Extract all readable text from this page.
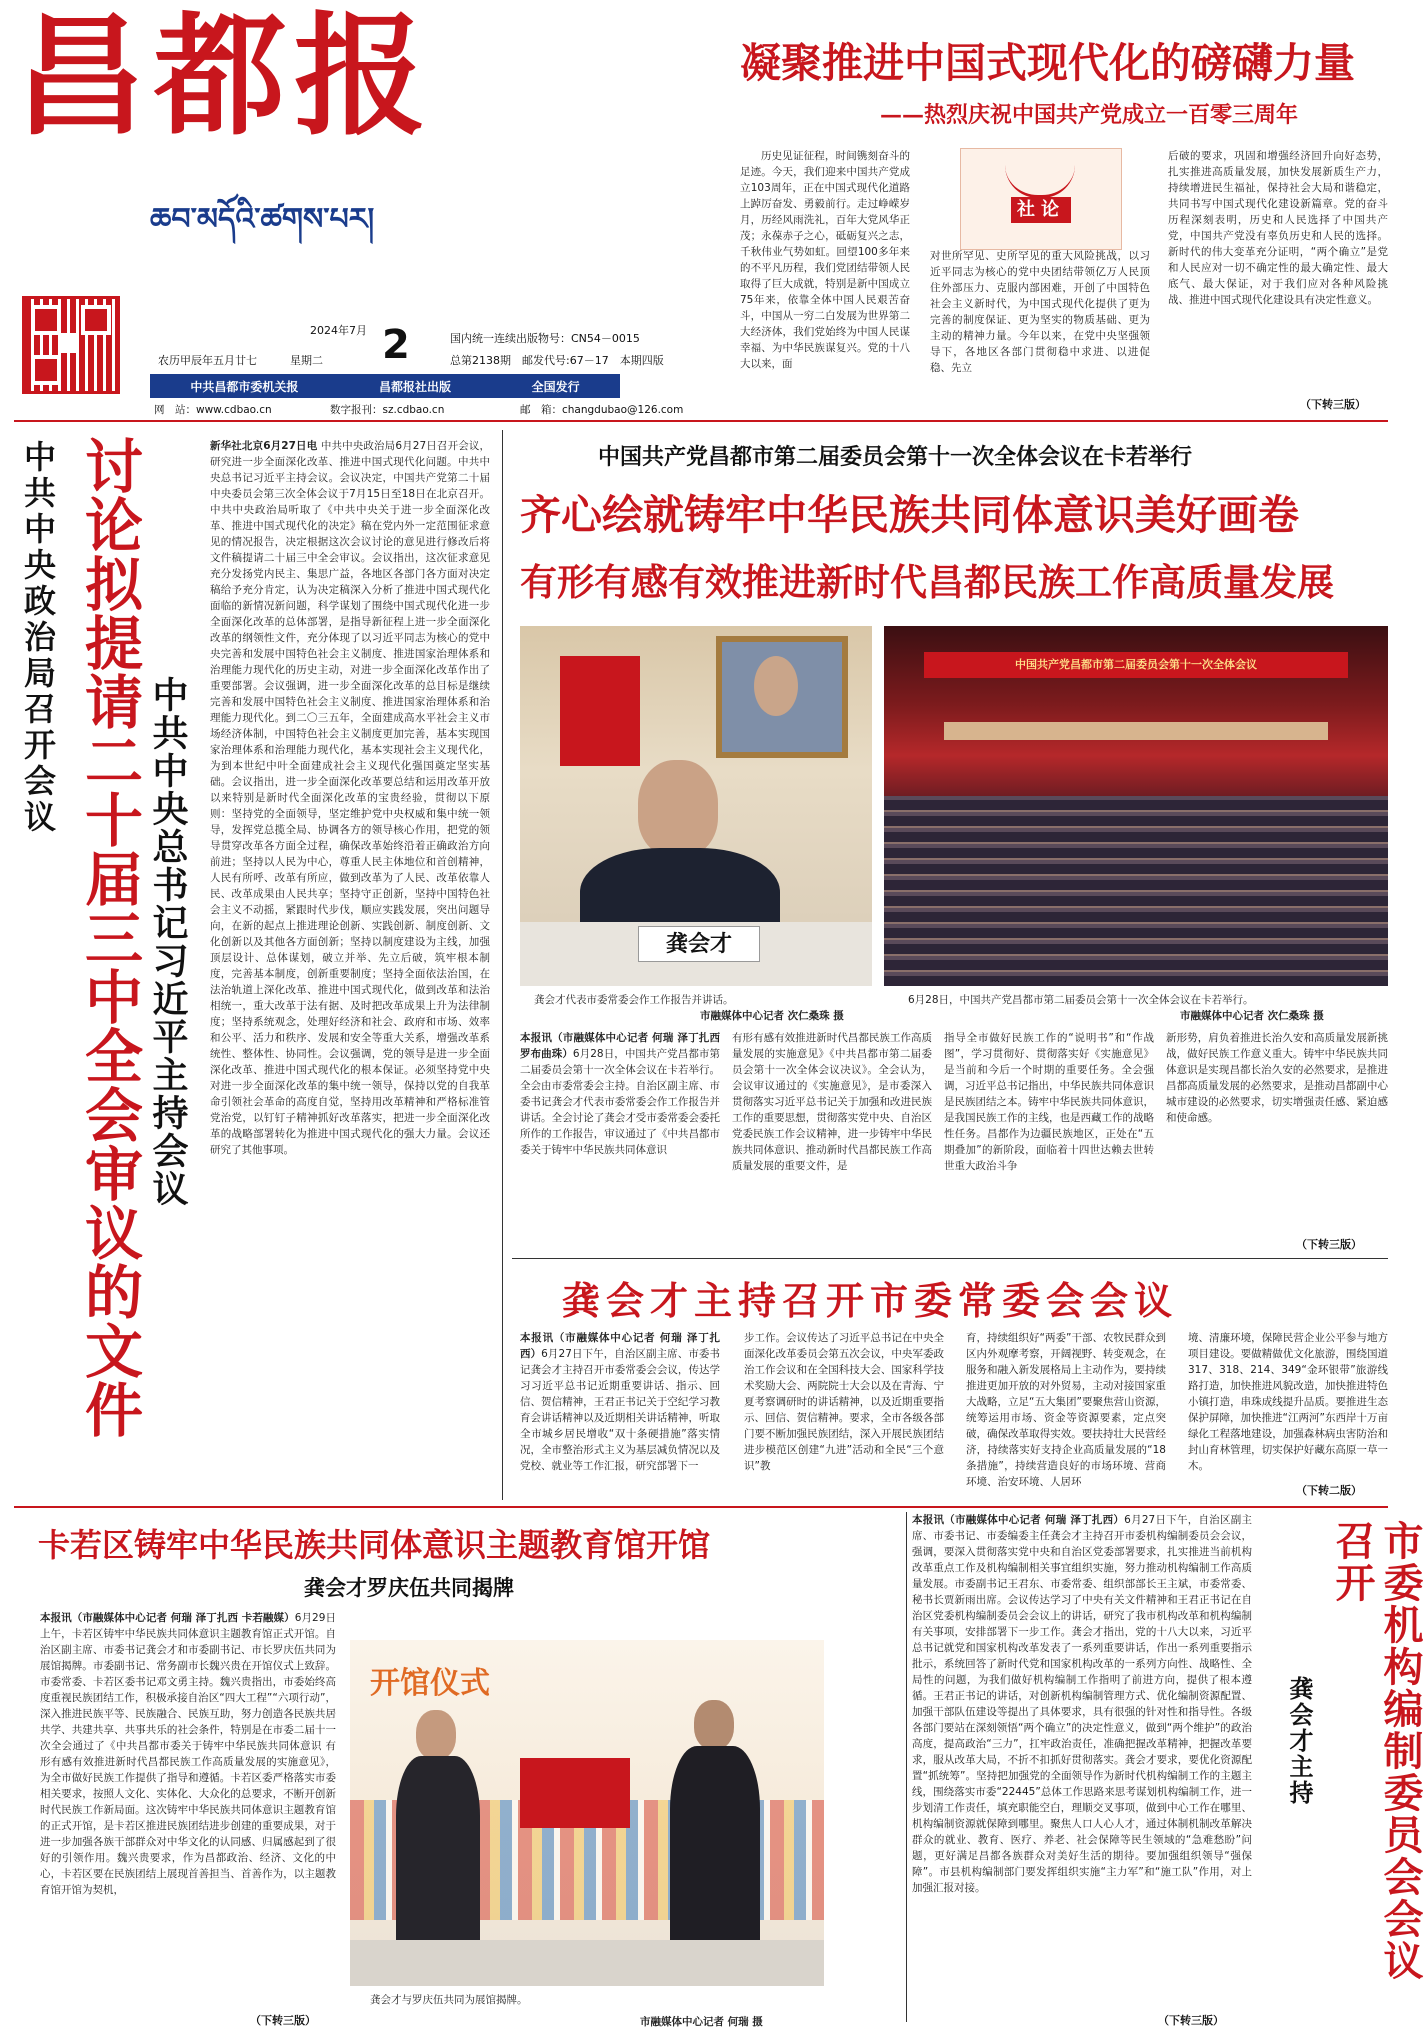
昌都报
ཆབ་མདོའི་ཚགས་པར།
2024年7月
农历甲辰年五月廿七	星期二 2	国内统一连续出版物号：CN54－0015
总第2138期　邮发代号:67－17　本期四版
中共昌都市委机关报	昌都报社出版	全国发行
网　站：www.cdbao.cn	数字报刊：sz.cdbao.cn	邮　箱：changdubao@126.com
凝聚推进中国式现代化的磅礴力量
——热烈庆祝中国共产党成立一百零三周年
历史见证征程，时间镌刻奋斗的足迹。今天，我们迎来中国共产党成立103周年，正在中国式现代化道路上踔厉奋发、勇毅前行。走过峥嵘岁月，历经风雨洗礼，百年大党风华正茂；永葆赤子之心，砥砺复兴之志，千秋伟业气势如虹。回望100多年来的不平凡历程，我们党团结带领人民取得了巨大成就，特别是新中国成立75年来，依靠全体中国人民艰苦奋斗，中国从一穷二白发展为世界第二大经济体，我们党始终为中国人民谋幸福、为中华民族谋复兴。党的十八大以来，面
社论
对世所罕见、史所罕见的重大风险挑战，以习近平同志为核心的党中央团结带领亿万人民顶住外部压力、克服内部困难，开创了中国特色社会主义新时代，为中国式现代化提供了更为完善的制度保证、更为坚实的物质基础、更为主动的精神力量。今年以来，在党中央坚强领导下，各地区各部门贯彻稳中求进、以进促稳、先立
后破的要求，巩固和增强经济回升向好态势，扎实推进高质量发展，加快发展新质生产力，持续增进民生福祉，保持社会大局和谐稳定，共同书写中国式现代化建设新篇章。党的奋斗历程深刻表明，历史和人民选择了中国共产党，中国共产党没有辜负历史和人民的选择。新时代的伟大变革充分证明，“两个确立”是党和人民应对一切不确定性的最大确定性、最大底气、最大保证，对于我们应对各种风险挑战、推进中国式现代化建设具有决定性意义。
（下转三版）
中共中央政治局召开会议 讨论拟提请二十届三中全会审议的文件 中共中央总书记习近平主持会议
新华社北京6月27日电 中共中央政治局6月27日召开会议，研究进一步全面深化改革、推进中国式现代化问题。中共中央总书记习近平主持会议。会议决定，中国共产党第二十届中央委员会第三次全体会议于7月15日至18日在北京召开。中共中央政治局听取了《中共中央关于进一步全面深化改革、推进中国式现代化的决定》稿在党内外一定范围征求意见的情况报告，决定根据这次会议讨论的意见进行修改后将文件稿提请二十届三中全会审议。会议指出，这次征求意见充分发扬党内民主、集思广益，各地区各部门各方面对决定稿给予充分肯定，认为决定稿深入分析了推进中国式现代化面临的新情况新问题，科学谋划了围绕中国式现代化进一步全面深化改革的总体部署，是指导新征程上进一步全面深化改革的纲领性文件，充分体现了以习近平同志为核心的党中央完善和发展中国特色社会主义制度、推进国家治理体系和治理能力现代化的历史主动，对进一步全面深化改革作出了重要部署。会议强调，进一步全面深化改革的总目标是继续完善和发展中国特色社会主义制度、推进国家治理体系和治理能力现代化。到二〇三五年，全面建成高水平社会主义市场经济体制，中国特色社会主义制度更加完善，基本实现国家治理体系和治理能力现代化，基本实现社会主义现代化，为到本世纪中叶全面建成社会主义现代化强国奠定坚实基础。会议指出，进一步全面深化改革要总结和运用改革开放以来特别是新时代全面深化改革的宝贵经验，贯彻以下原则：坚持党的全面领导，坚定维护党中央权威和集中统一领导，发挥党总揽全局、协调各方的领导核心作用，把党的领导贯穿改革各方面全过程，确保改革始终沿着正确政治方向前进；坚持以人民为中心，尊重人民主体地位和首创精神，人民有所呼、改革有所应，做到改革为了人民、改革依靠人民、改革成果由人民共享；坚持守正创新，坚持中国特色社会主义不动摇，紧跟时代步伐，顺应实践发展，突出问题导向，在新的起点上推进理论创新、实践创新、制度创新、文化创新以及其他各方面创新；坚持以制度建设为主线，加强顶层设计、总体谋划，破立并举、先立后破，筑牢根本制度，完善基本制度，创新重要制度；坚持全面依法治国，在法治轨道上深化改革、推进中国式现代化，做到改革和法治相统一，重大改革于法有据、及时把改革成果上升为法律制度；坚持系统观念，处理好经济和社会、政府和市场、效率和公平、活力和秩序、发展和安全等重大关系，增强改革系统性、整体性、协同性。会议强调，党的领导是进一步全面深化改革、推进中国式现代化的根本保证。必须坚持党中央对进一步全面深化改革的集中统一领导，保持以党的自我革命引领社会革命的高度自觉，坚持用改革精神和严格标准管党治党，以钉钉子精神抓好改革落实，把进一步全面深化改革的战略部署转化为推进中国式现代化的强大力量。会议还研究了其他事项。
中国共产党昌都市第二届委员会第十一次全体会议在卡若举行
齐心绘就铸牢中华民族共同体意识美好画卷
有形有感有效推进新时代昌都民族工作高质量发展
龚会才
龚会才代表市委常委会作工作报告并讲话。
市融媒体中心记者 次仁桑珠 摄
中国共产党昌都市第二届委员会第十一次全体会议
6月28日，中国共产党昌都市第二届委员会第十一次全体会议在卡若举行。
市融媒体中心记者 次仁桑珠 摄
本报讯（市融媒体中心记者 何瑞 泽丁扎西 罗布曲珠）6月28日，中国共产党昌都市第二届委员会第十一次全体会议在卡若举行。全会由市委常委会主持。自治区副主席、市委书记龚会才代表市委常委会作工作报告并讲话。全会讨论了龚会才受市委常委会委托所作的工作报告，审议通过了《中共昌都市委关于铸牢中华民族共同体意识
有形有感有效推进新时代昌都民族工作高质量发展的实施意见》《中共昌都市第二届委员会第十一次全体会议决议》。全会认为，会议审议通过的《实施意见》，是市委深入贯彻落实习近平总书记关于加强和改进民族工作的重要思想，贯彻落实党中央、自治区党委民族工作会议精神，进一步铸牢中华民族共同体意识、推动新时代昌都民族工作高质量发展的重要文件，是
指导全市做好民族工作的“说明书”和“作战图”，学习贯彻好、贯彻落实好《实施意见》是当前和今后一个时期的重要任务。全会强调，习近平总书记指出，中华民族共同体意识是民族团结之本。铸牢中华民族共同体意识，是我国民族工作的主线，也是西藏工作的战略性任务。昌都作为边疆民族地区，正处在“五期叠加”的新阶段，面临着十四世达赖去世转世重大政治斗争
新形势，肩负着推进长治久安和高质量发展新挑战，做好民族工作意义重大。铸牢中华民族共同体意识是实现昌都长治久安的必然要求，是推进昌都高质量发展的必然要求，是推动昌都副中心城市建设的必然要求，切实增强责任感、紧迫感和使命感。
（下转三版）
龚会才主持召开市委常委会会议
本报讯（市融媒体中心记者 何瑞 泽丁扎西）6月27日下午，自治区副主席、市委书记龚会才主持召开市委常委会会议，传达学习习近平总书记近期重要讲话、指示、回信、贺信精神，王君正书记关于空纪学习教育会讲话精神以及近期相关讲话精神，听取全市城乡居民增收“双十条硬措施”落实情况，全市整治形式主义为基层减负情况以及党校、就业等工作汇报，研究部署下一
步工作。会议传达了习近平总书记在中央全面深化改革委员会第五次会议，中央军委政治工作会议和在全国科技大会、国家科学技术奖励大会、两院院士大会以及在青海、宁夏考察调研时的讲话精神，以及近期重要指示、回信、贺信精神。要求，全市各级各部门要不断加强民族团结，深入开展民族团结进步模范区创建“九进”活动和全民“三个意识”教
育，持续组织好“两委”干部、农牧民群众到区内外观摩考察，开阔视野、转变观念，在服务和融入新发展格局上主动作为，要持续推进更加开放的对外贸易，主动对接国家重大战略，立足“五大集团”要聚焦营山资源，统筹运用市场、资金等资源要素，定点突破，确保改革取得实效。要扶持壮大民营经济，持续落实好支持企业高质量发展的“18条措施”，持续营造良好的市场环境、营商环境、治安环境、人居环
境、清廉环境，保障民营企业公平参与地方项目建设。要做精做优文化旅游，围绕国道317、318、214、349“金环银带”旅游线路打造，加快推进风貌改造，加快推进特色小镇打造，串珠成线提升品质。要推进生态保护屏障，加快推进“江两河”东西岸十万亩绿化工程落地建设，加强森林病虫害防治和封山育林管理，切实保护好藏东高原一草一木。
（下转二版）
卡若区铸牢中华民族共同体意识主题教育馆开馆
龚会才罗庆伍共同揭牌
本报讯（市融媒体中心记者 何瑞 泽丁扎西 卡若融媒）6月29日上午，卡若区铸牢中华民族共同体意识主题教育馆正式开馆。自治区副主席、市委书记龚会才和市委副书记、市长罗庆伍共同为展馆揭牌。市委副书记、常务副市长魏兴贵在开馆仪式上致辞。市委常委、卡若区委书记邓文勇主持。魏兴贵指出，市委始终高度重视民族团结工作，积极承接自治区“四大工程”“六项行动”，深入推进民族平等、民族融合、民族互助，努力创造各民族共居共学、共建共享、共事共乐的社会条件，特别是在市委二届十一次全会通过了《中共昌都市委关于铸牢中华民族共同体意识 有形有感有效推进新时代昌都民族工作高质量发展的实施意见》，为全市做好民族工作提供了指导和遵循。卡若区委严格落实市委相关要求，按照人文化、实体化、大众化的总要求，不断开创新时代民族工作新局面。这次铸牢中华民族共同体意识主题教育馆的正式开馆，是卡若区推进民族团结进步创建的重要成果，对于进一步加强各族干部群众对中华文化的认同感、归属感起到了很好的引领作用。魏兴贵要求，作为昌都政治、经济、文化的中心，卡若区要在民族团结上展现首善担当、首善作为，以主题教育馆开馆为契机，
（下转三版）
开馆仪式
龚会才与罗庆伍共同为展馆揭牌。
市融媒体中心记者 何瑞 摄
本报讯（市融媒体中心记者 何瑞 泽丁扎西）6月27日下午，自治区副主席、市委书记、市委编委主任龚会才主持召开市委机构编制委员会会议，强调，要深入贯彻落实党中央和自治区党委部署要求，扎实推进当前机构改革重点工作及机构编制相关事宜组织实施，努力推动机构编制工作高质量发展。市委副书记王君东、市委常委、组织部部长王主斌，市委常委、秘书长贾新雨出席。会议传达学习了中央有关文件精神和王君正书记在自治区党委机构编制委员会会议上的讲话，研究了我市机构改革和机构编制有关事项，安排部署下一步工作。龚会才指出，党的十八大以来，习近平总书记就党和国家机构改革发表了一系列重要讲话，作出一系列重要指示批示，系统回答了新时代党和国家机构改革的一系列方向性、战略性、全局性的问题，为我们做好机构编制工作指明了前进方向，提供了根本遵循。王君正书记的讲话，对创新机构编制管理方式、优化编制资源配置、加强干部队伍建设等提出了具体要求，具有很强的针对性和指导性。各级各部门要站在深刻领悟“两个确立”的决定性意义，做到“两个维护”的政治高度，提高政治“三力”，扛牢政治责任，准确把握改革精神，把握改革要求，服从改革大局，不折不扣抓好贯彻落实。龚会才要求，要优化资源配置“抓统筹”。坚持把加强党的全面领导作为新时代机构编制工作的主题主线，围绕落实市委“22445”总体工作思路来思考谋划机构编制工作，进一步划清工作责任，填充职能空白，理顺交叉事项，做到中心工作在哪里、机构编制资源就保障到哪里。聚焦人口人心人才，通过体制机制改革解决群众的就业、教育、医疗、养老、社会保障等民生领域的“急难愁盼”问题，更好满足昌都各族群众对美好生活的期待。要加强组织领导“强保障”。市县机构编制部门要发挥组织实施“主力军”和“施工队”作用，对上加强汇报对接。
（下转三版）
市委机构编制委员会会议召开
龚会才主持
